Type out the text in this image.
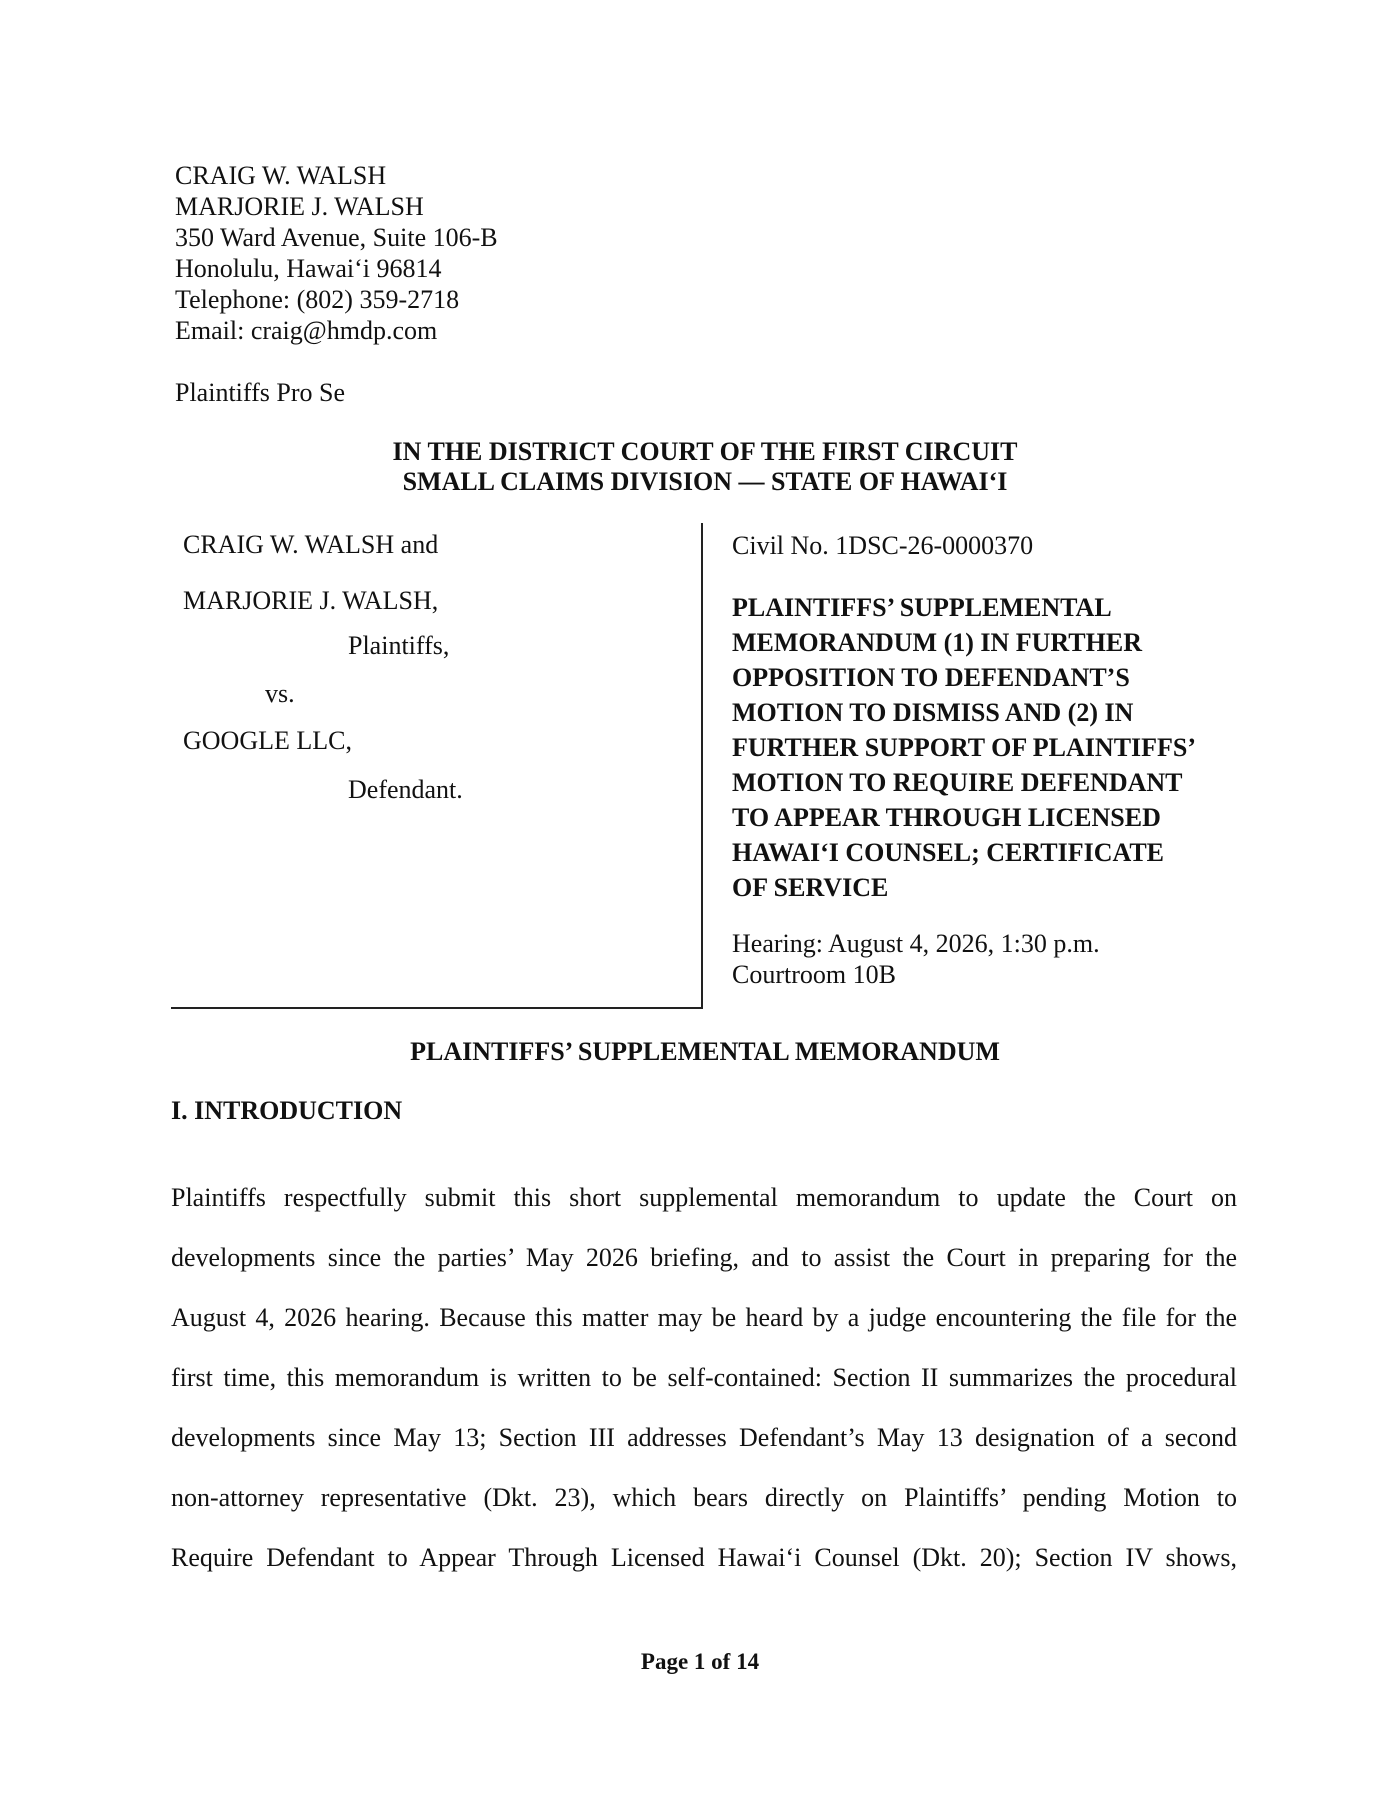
CRAIG W. WALSH
MARJORIE J. WALSH
350 Ward Avenue, Suite 106-B
Honolulu, Hawai‘i 96814
Telephone: (802) 359-2718
Email: craig@hmdp.com
Plaintiffs Pro Se
IN THE DISTRICT COURT OF THE FIRST CIRCUIT
SMALL CLAIMS DIVISION — STATE OF HAWAI‘I
CRAIG W. WALSH and
MARJORIE J. WALSH,
Plaintiffs,
vs.
GOOGLE LLC,
Defendant.
Civil No. 1DSC-26-0000370
PLAINTIFFS’ SUPPLEMENTAL
MEMORANDUM (1) IN FURTHER
OPPOSITION TO DEFENDANT’S
MOTION TO DISMISS AND (2) IN
FURTHER SUPPORT OF PLAINTIFFS’
MOTION TO REQUIRE DEFENDANT
TO APPEAR THROUGH LICENSED
HAWAI‘I COUNSEL; CERTIFICATE
OF SERVICE
Hearing: August 4, 2026, 1:30 p.m.
Courtroom 10B
PLAINTIFFS’ SUPPLEMENTAL MEMORANDUM
I. INTRODUCTION
Plaintiffs respectfully submit this short supplemental memorandum to update the Court on
developments since the parties’ May 2026 briefing, and to assist the Court in preparing for the
August 4, 2026 hearing. Because this matter may be heard by a judge encountering the file for the
first time, this memorandum is written to be self-contained: Section II summarizes the procedural
developments since May 13; Section III addresses Defendant’s May 13 designation of a second
non-attorney representative (Dkt. 23), which bears directly on Plaintiffs’ pending Motion to
Require Defendant to Appear Through Licensed Hawai‘i Counsel (Dkt. 20); Section IV shows,
Page 1 of 14
